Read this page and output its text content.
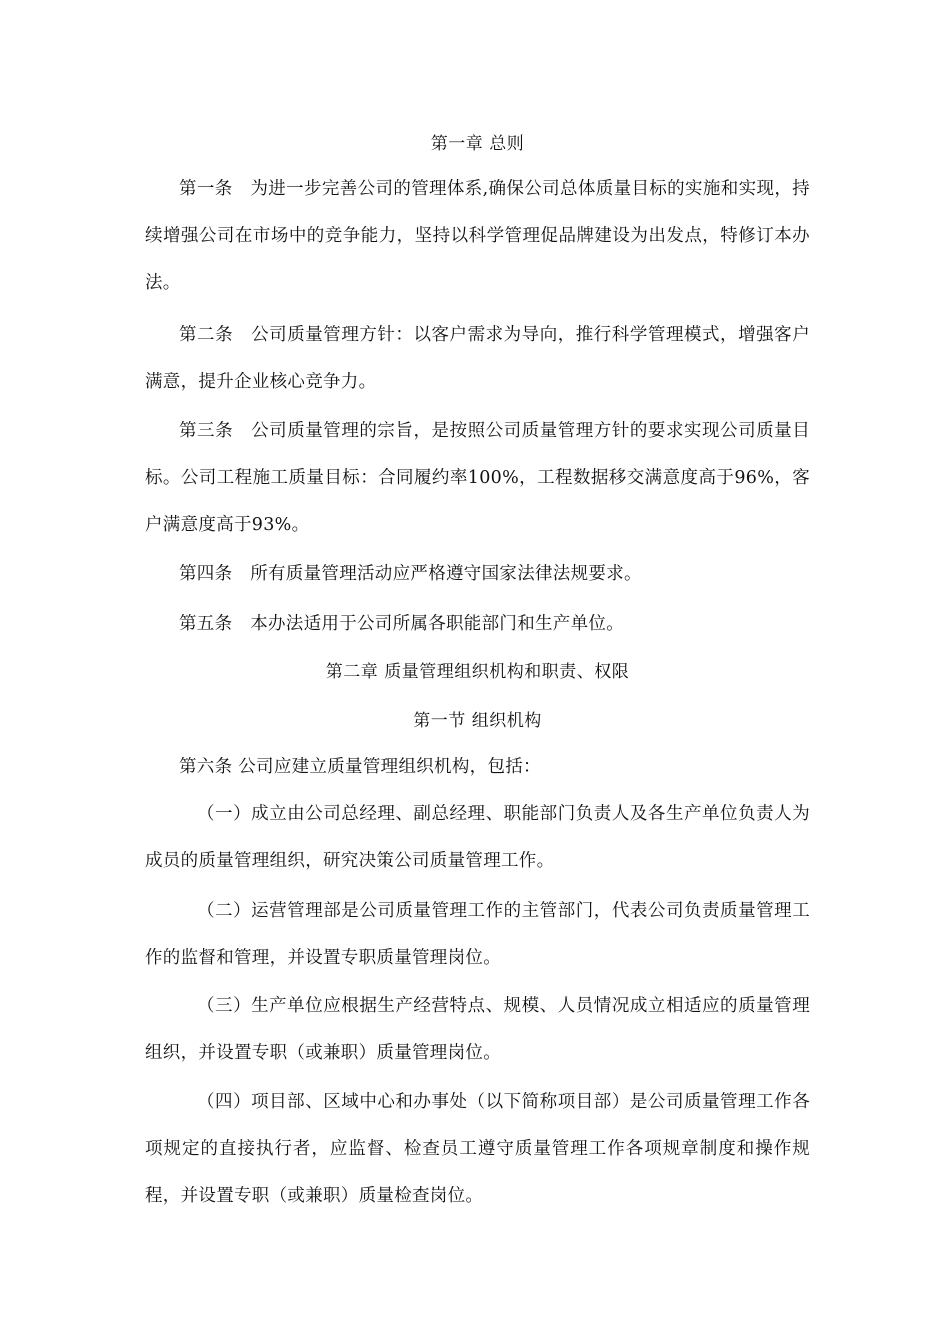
第一章 总则

第一条　为进一步完善公司的管理体系,确保公司总体质量目标的实施和实现，持续增强公司在市场中的竞争能力，坚持以科学管理促品牌建设为出发点，特修订本办法。

第二条　公司质量管理方针：以客户需求为导向，推行科学管理模式，增强客户满意，提升企业核心竞争力。

第三条　公司质量管理的宗旨，是按照公司质量管理方针的要求实现公司质量目标。公司工程施工质量目标：合同履约率100%，工程数据移交满意度高于96%，客户满意度高于93%。

第四条　所有质量管理活动应严格遵守国家法律法规要求。

第五条　本办法适用于公司所属各职能部门和生产单位。

第二章 质量管理组织机构和职责、权限
第一节 组织机构

第六条 公司应建立质量管理组织机构，包括：

（一）成立由公司总经理、副总经理、职能部门负责人及各生产单位负责人为成员的质量管理组织，研究决策公司质量管理工作。

（二）运营管理部是公司质量管理工作的主管部门，代表公司负责质量管理工作的监督和管理，并设置专职质量管理岗位。

（三）生产单位应根据生产经营特点、规模、人员情况成立相适应的质量管理组织，并设置专职（或兼职）质量管理岗位。

（四）项目部、区域中心和办事处（以下简称项目部）是公司质量管理工作各项规定的直接执行者，应监督、检查员工遵守质量管理工作各项规章制度和操作规程，并设置专职（或兼职）质量检查岗位。
